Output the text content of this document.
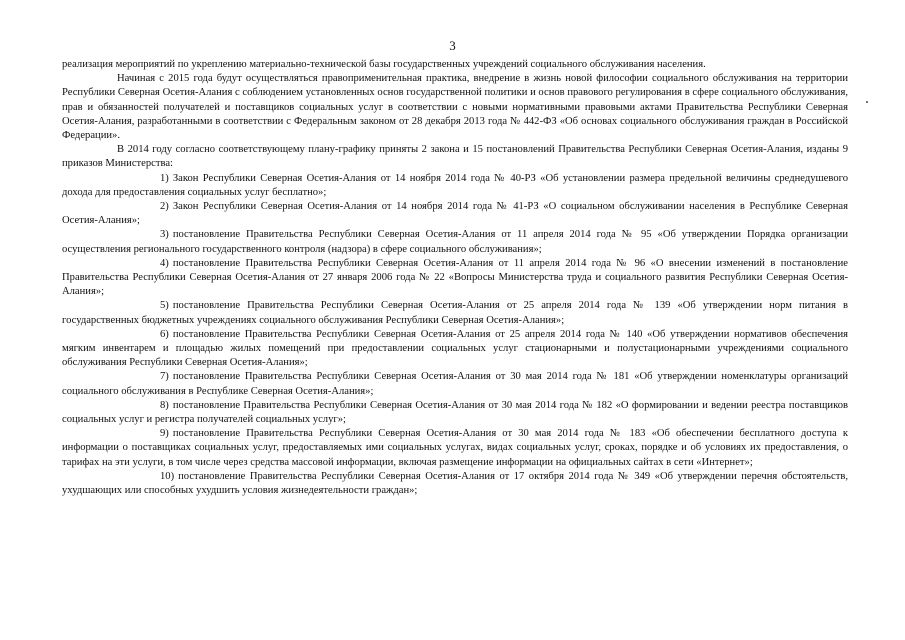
3

реализация мероприятий по укреплению материально-технической базы государственных учреждений социального обслуживания населения.

Начиная с 2015 года будут осуществляться правоприменительная практика, внедрение в жизнь новой философии социального обслуживания на территории Республики Северная Осетия-Алания с соблюдением установленных основ государственной политики и основ правового регулирования в сфере социального обслуживания, прав и обязанностей получателей и поставщиков социальных услуг в соответствии с новыми нормативными правовыми актами Правительства Республики Северная Осетия-Алания, разработанными в соответствии с Федеральным законом от 28 декабря 2013 года № 442-ФЗ «Об основах социального обслуживания граждан в Российской Федерации».

В 2014 году согласно соответствующему плану-графику приняты 2 закона и 15 постановлений Правительства Республики Северная Осетия-Алания, изданы 9 приказов Министерства:

1) Закон Республики Северная Осетия-Алания от 14 ноября 2014 года № 40-РЗ «Об установлении размера предельной величины среднедушевого дохода для предоставления социальных услуг бесплатно»;

2) Закон Республики Северная Осетия-Алания от 14 ноября 2014 года № 41-РЗ «О социальном обслуживании населения в Республике Северная Осетия-Алания»;

3) постановление Правительства Республики Северная Осетия-Алания от 11 апреля 2014 года № 95 «Об утверждении Порядка организации осуществления регионального государственного контроля (надзора) в сфере социального обслуживания»;

4) постановление Правительства Республики Северная Осетия-Алания от 11 апреля 2014 года № 96 «О внесении изменений в постановление Правительства Республики Северная Осетия-Алания от 27 января 2006 года № 22 «Вопросы Министерства труда и социального развития Республики Северная Осетия-Алания»;

5) постановление Правительства Республики Северная Осетия-Алания от 25 апреля 2014 года № 139 «Об утверждении норм питания в государственных бюджетных учреждениях социального обслуживания Республики Северная Осетия-Алания»;

6) постановление Правительства Республики Северная Осетия-Алания от 25 апреля 2014 года № 140 «Об утверждении нормативов обеспечения мягким инвентарем и площадью жилых помещений при предоставлении социальных услуг стационарными и полустационарными учреждениями социального обслуживания Республики Северная Осетия-Алания»;

7) постановление Правительства Республики Северная Осетия-Алания от 30 мая 2014 года № 181 «Об утверждении номенклатуры организаций социального обслуживания в Республике Северная Осетия-Алания»;

8) постановление Правительства Республики Северная Осетия-Алания от 30 мая 2014 года № 182 «О формировании и ведении реестра поставщиков социальных услуг и регистра получателей социальных услуг»;

9) постановление Правительства Республики Северная Осетия-Алания от 30 мая 2014 года № 183 «Об обеспечении бесплатного доступа к информации о поставщиках социальных услуг, предоставляемых ими социальных услугах, видах социальных услуг, сроках, порядке и об условиях их предоставления, о тарифах на эти услуги, в том числе через средства массовой информации, включая размещение информации на официальных сайтах в сети «Интернет»;

10) постановление Правительства Республики Северная Осетия-Алания от 17 октября 2014 года № 349 «Об утверждении перечня обстоятельств, ухудшающих или способных ухудшить условия жизнедеятельности граждан»;
